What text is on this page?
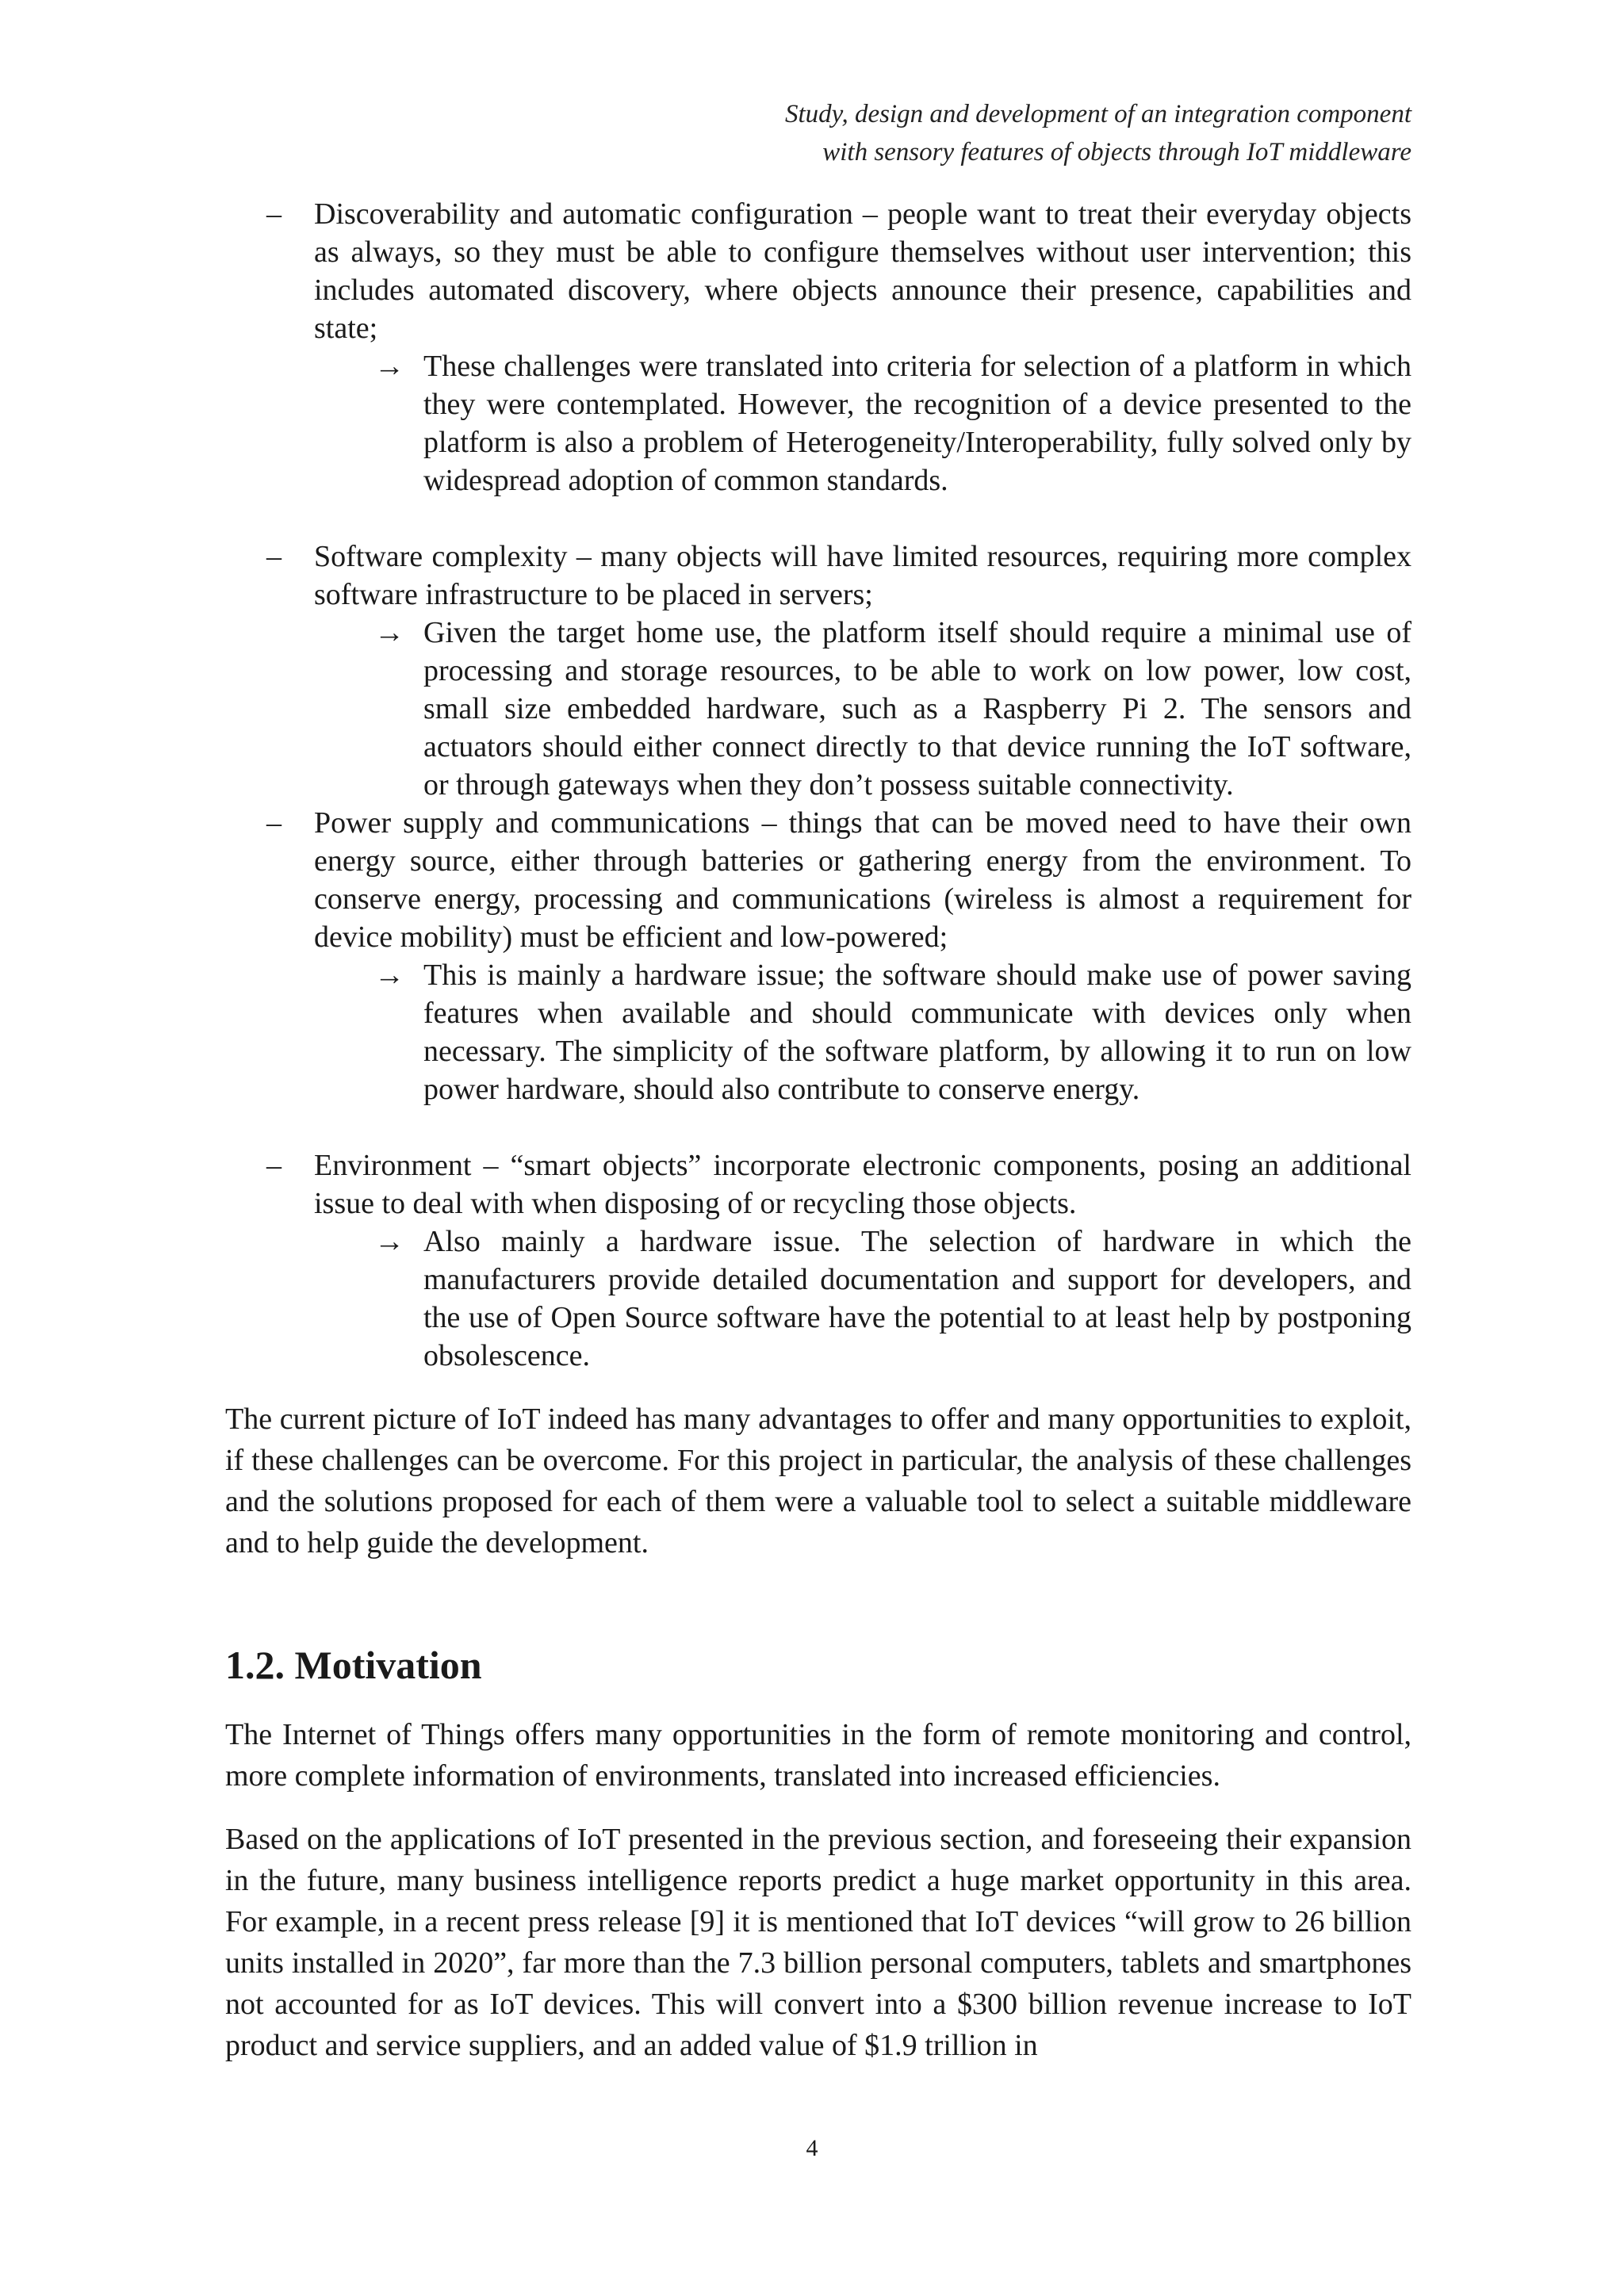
Study, design and development of an integration component
with sensory features of objects through IoT middleware
–	Discoverability and automatic configuration – people want to treat their everyday objects as always, so they must be able to configure themselves without user intervention; this includes automated discovery, where objects announce their presence, capabilities and state;
→ These challenges were translated into criteria for selection of a platform in which they were contemplated. However, the recognition of a device presented to the platform is also a problem of Heterogeneity/Interoperability, fully solved only by widespread adoption of common standards.
–	Software complexity – many objects will have limited resources, requiring more complex software infrastructure to be placed in servers;
→ Given the target home use, the platform itself should require a minimal use of processing and storage resources, to be able to work on low power, low cost, small size embedded hardware, such as a Raspberry Pi 2. The sensors and actuators should either connect directly to that device running the IoT software, or through gateways when they don’t possess suitable connectivity.
–	Power supply and communications – things that can be moved need to have their own energy source, either through batteries or gathering energy from the environment. To conserve energy, processing and communications (wireless is almost a requirement for device mobility) must be efficient and low-powered;
→ This is mainly a hardware issue; the software should make use of power saving features when available and should communicate with devices only when necessary. The simplicity of the software platform, by allowing it to run on low power hardware, should also contribute to conserve energy.
–	Environment – “smart objects” incorporate electronic components, posing an additional issue to deal with when disposing of or recycling those objects.
→ Also mainly a hardware issue. The selection of hardware in which the manufacturers provide detailed documentation and support for developers, and the use of Open Source software have the potential to at least help by postponing obsolescence.

The current picture of IoT indeed has many advantages to offer and many opportunities to exploit, if these challenges can be overcome. For this project in particular, the analysis of these challenges and the solutions proposed for each of them were a valuable tool to select a suitable middleware and to help guide the development.

1.2. Motivation

The Internet of Things offers many opportunities in the form of remote monitoring and control, more complete information of environments, translated into increased efficiencies.

Based on the applications of IoT presented in the previous section, and foreseeing their expansion in the future, many business intelligence reports predict a huge market opportunity in this area. For example, in a recent press release [9] it is mentioned that IoT devices “will grow to 26 billion units installed in 2020”, far more than the 7.3 billion personal computers, tablets and smartphones not accounted for as IoT devices. This will convert into a $300 billion revenue increase to IoT product and service suppliers, and an added value of $1.9 trillion in

4
